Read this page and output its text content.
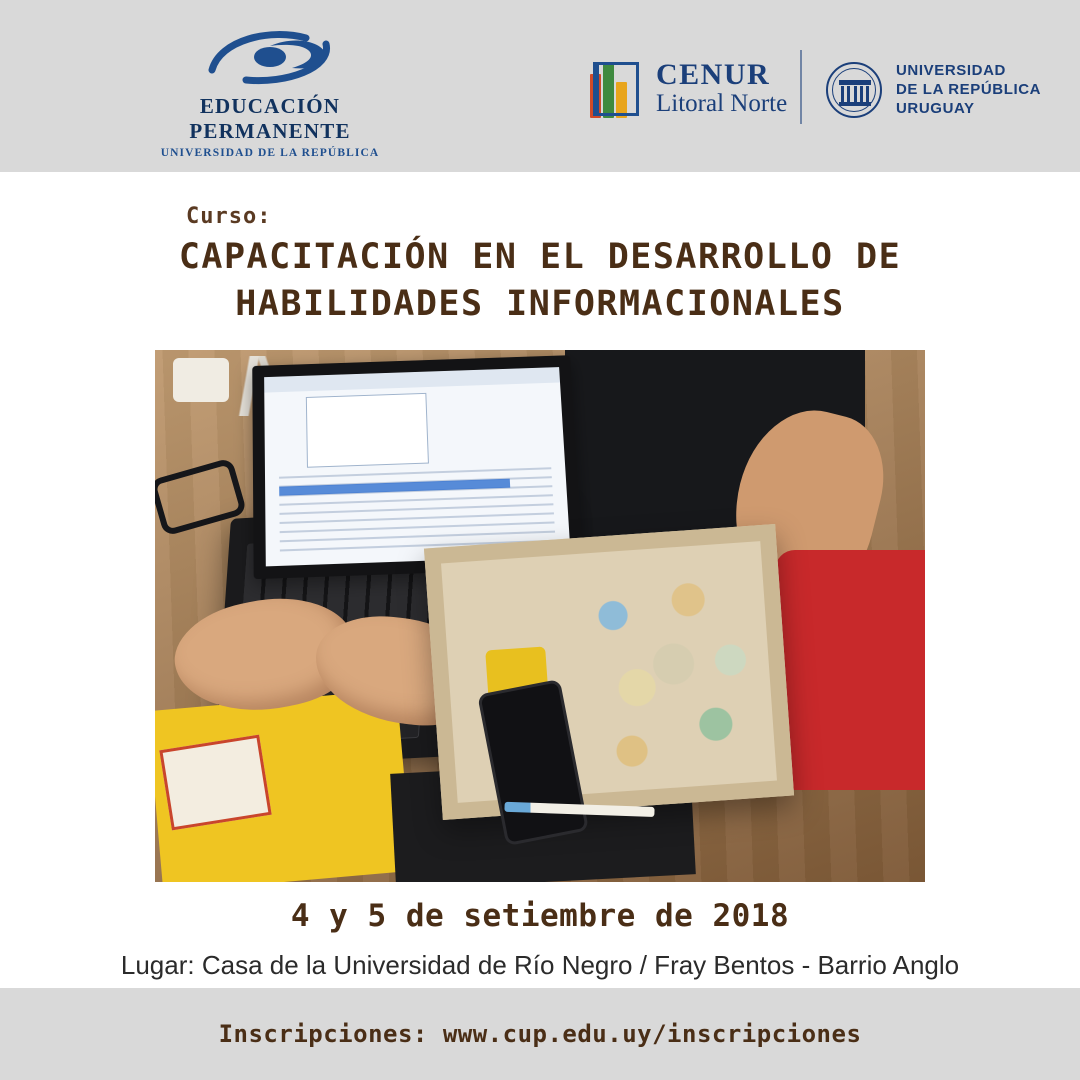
EDUCACIÓN PERMANENTE
UNIVERSIDAD DE LA REPÚBLICA
CENUR
Litoral Norte
UNIVERSIDAD
DE LA REPÚBLICA
URUGUAY
Curso:
CAPACITACIÓN EN EL DESARROLLO DE
HABILIDADES INFORMACIONALES
4 y 5 de setiembre de 2018
Lugar: Casa de la Universidad de Río Negro / Fray Bentos - Barrio Anglo
Inscripciones: www.cup.edu.uy/inscripciones
